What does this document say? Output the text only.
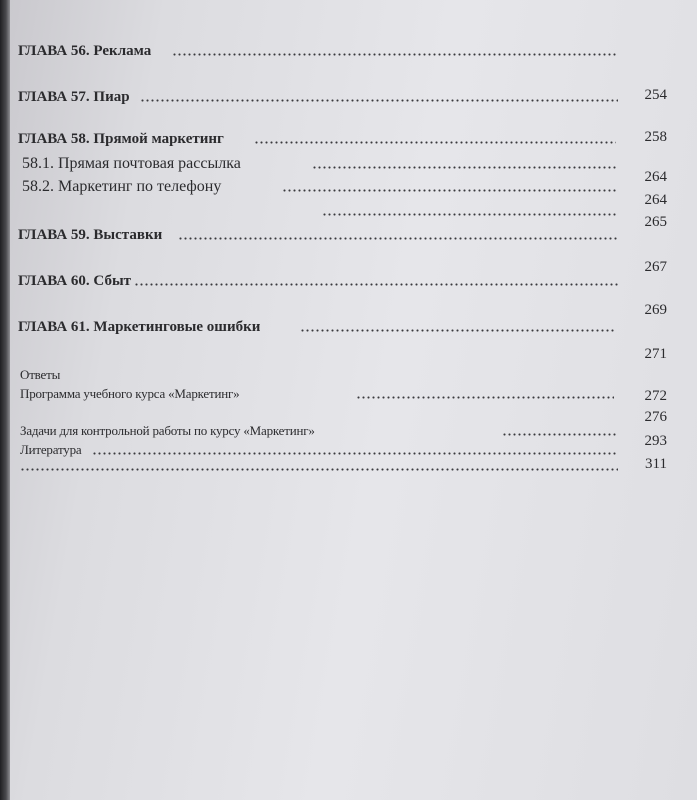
ГЛАВА 56. Реклама
ГЛАВА 57. Пиар
ГЛАВА 58. Прямой маркетинг
58.1. Прямая почтовая рассылка
58.2. Маркетинг по телефону
ГЛАВА 59. Выставки
ГЛАВА 60. Сбыт
ГЛАВА 61. Маркетинговые ошибки
Ответы
Программа учебного курса «Маркетинг»
Задачи для контрольной работы по курсу «Маркетинг»
Литература
254
258
264
264
265
267
269
271
272
276
293
311
